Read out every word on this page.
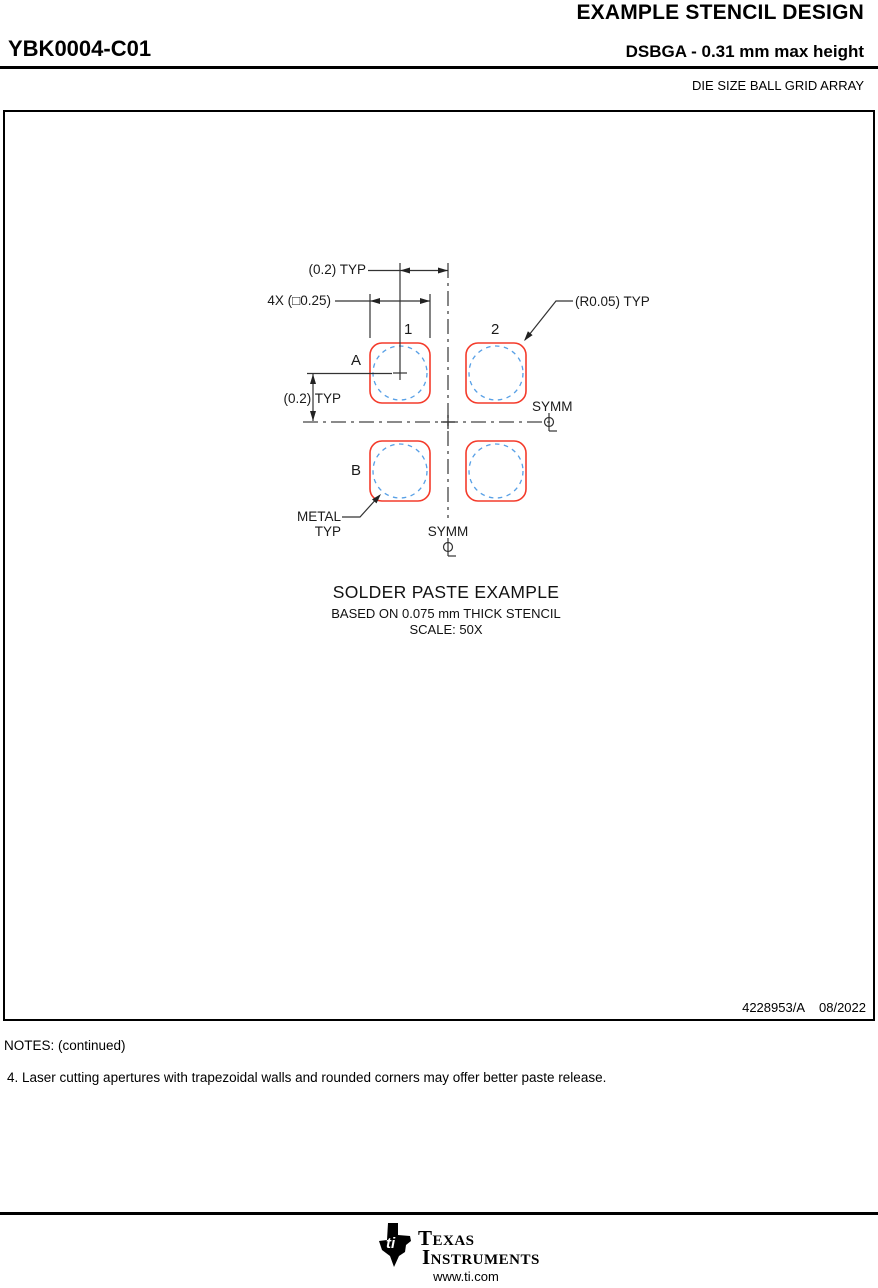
EXAMPLE STENCIL DESIGN
YBK0004-C01	DSBGA - 0.31 mm max height
DIE SIZE BALL GRID ARRAY
4228953/A 08/2022
(0.2) TYP
4X (□0.25)
(0.2) TYP
(R0.05) TYP
A
B
1	2
SYMM
SYMM
METAL
TYP
SOLDER PASTE EXAMPLE
BASED ON 0.075 mm THICK STENCIL
SCALE: 50X
NOTES: (continued)
4. Laser cutting apertures with trapezoidal walls and rounded corners may offer better paste release.
ti Texas
Instruments
www.ti.com
